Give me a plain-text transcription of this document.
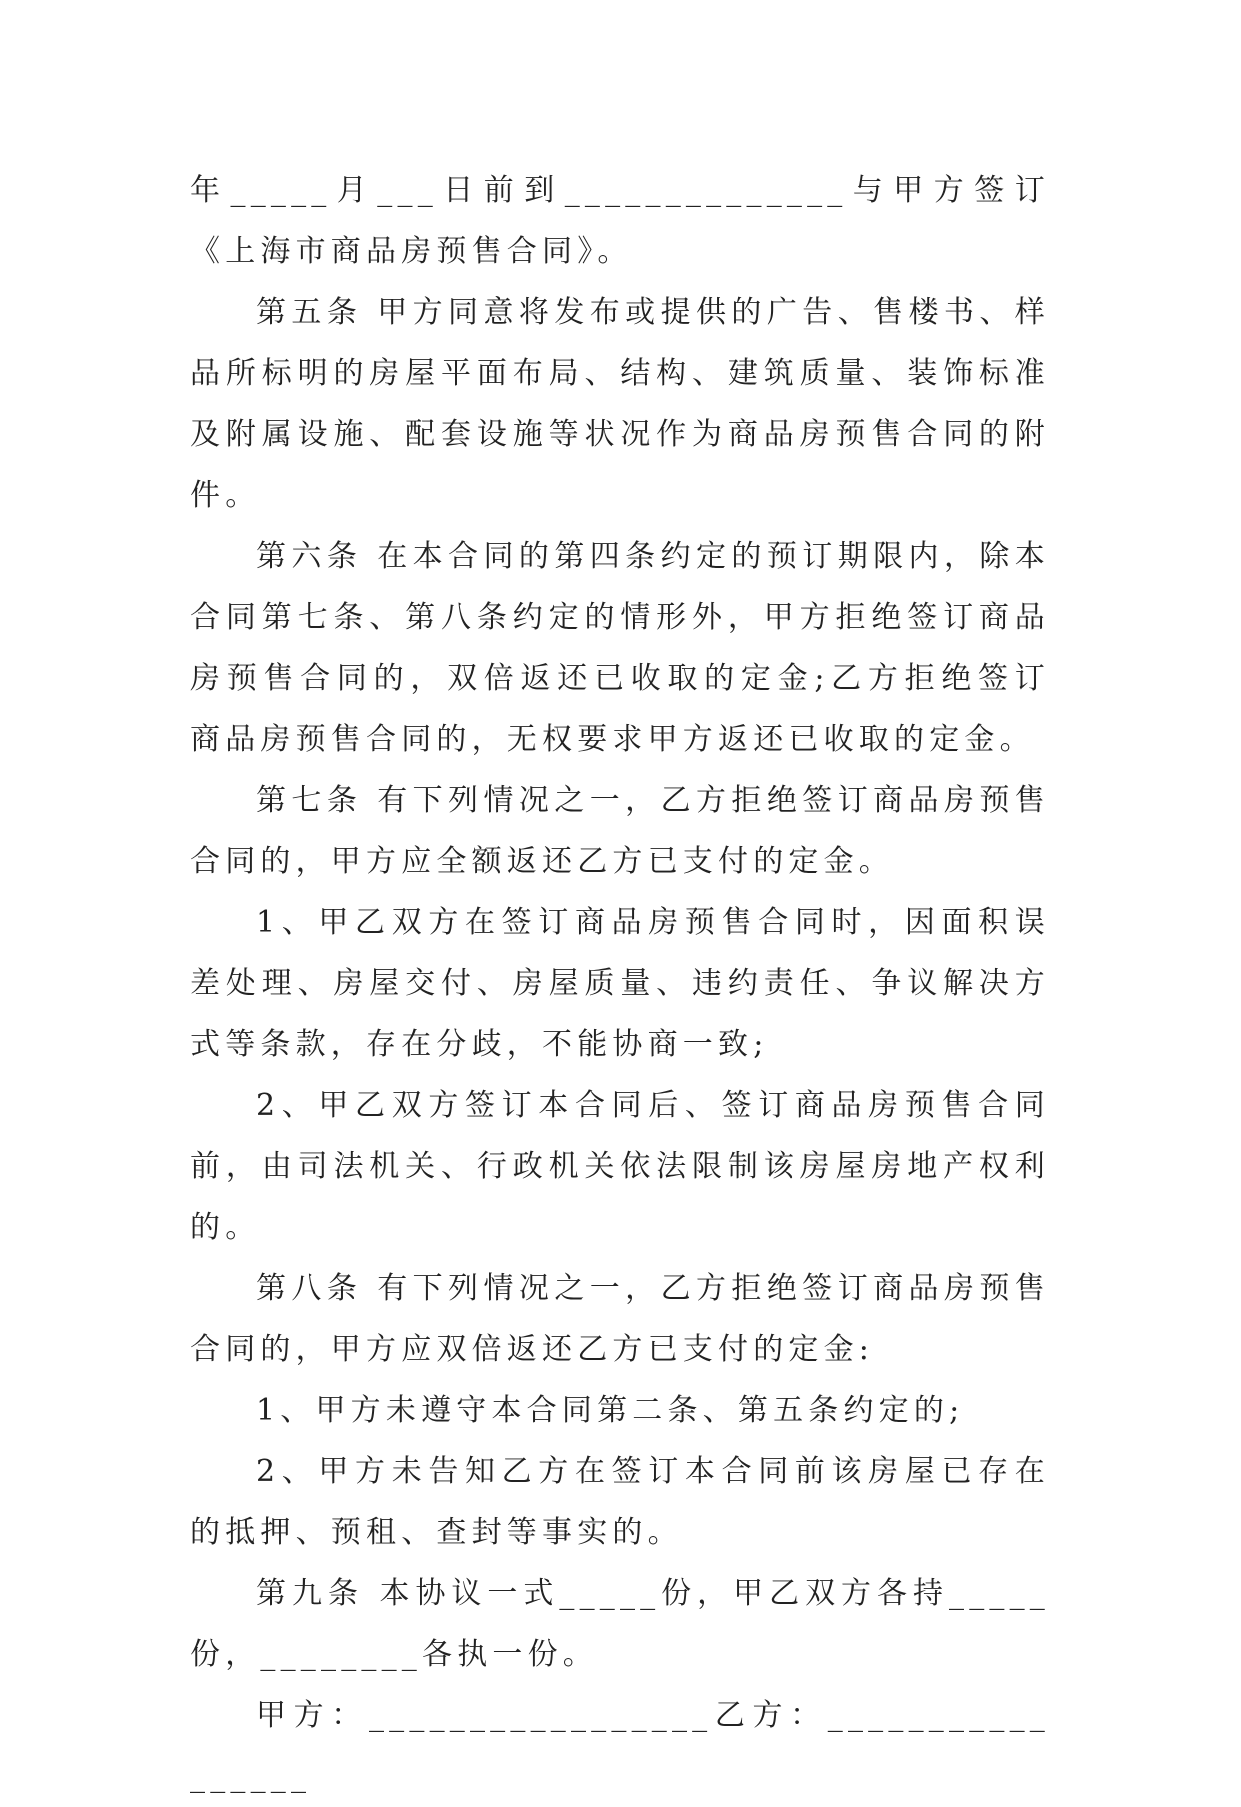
年_____月___日前到______________与甲方签订《上海市商品房预售合同》。

第五条 甲方同意将发布或提供的广告、售楼书、样品所标明的房屋平面布局、结构、建筑质量、装饰标准及附属设施、配套设施等状况作为商品房预售合同的附件。

第六条 在本合同的第四条约定的预订期限内，除本合同第七条、第八条约定的情形外，甲方拒绝签订商品房预售合同的，双倍返还已收取的定金;乙方拒绝签订商品房预售合同的，无权要求甲方返还已收取的定金。

第七条 有下列情况之一，乙方拒绝签订商品房预售合同的，甲方应全额返还乙方已支付的定金。

1、甲乙双方在签订商品房预售合同时，因面积误差处理、房屋交付、房屋质量、违约责任、争议解决方式等条款，存在分歧，不能协商一致;

2、甲乙双方签订本合同后、签订商品房预售合同前，由司法机关、行政机关依法限制该房屋房地产权利的。

第八条 有下列情况之一，乙方拒绝签订商品房预售合同的，甲方应双倍返还乙方已支付的定金:

1、甲方未遵守本合同第二条、第五条约定的;

2、甲方未告知乙方在签订本合同前该房屋已存在的抵押、预租、查封等事实的。

第九条 本协议一式_____份，甲乙双方各持_____份，________各执一份。

甲方：_________________乙方：_________________
